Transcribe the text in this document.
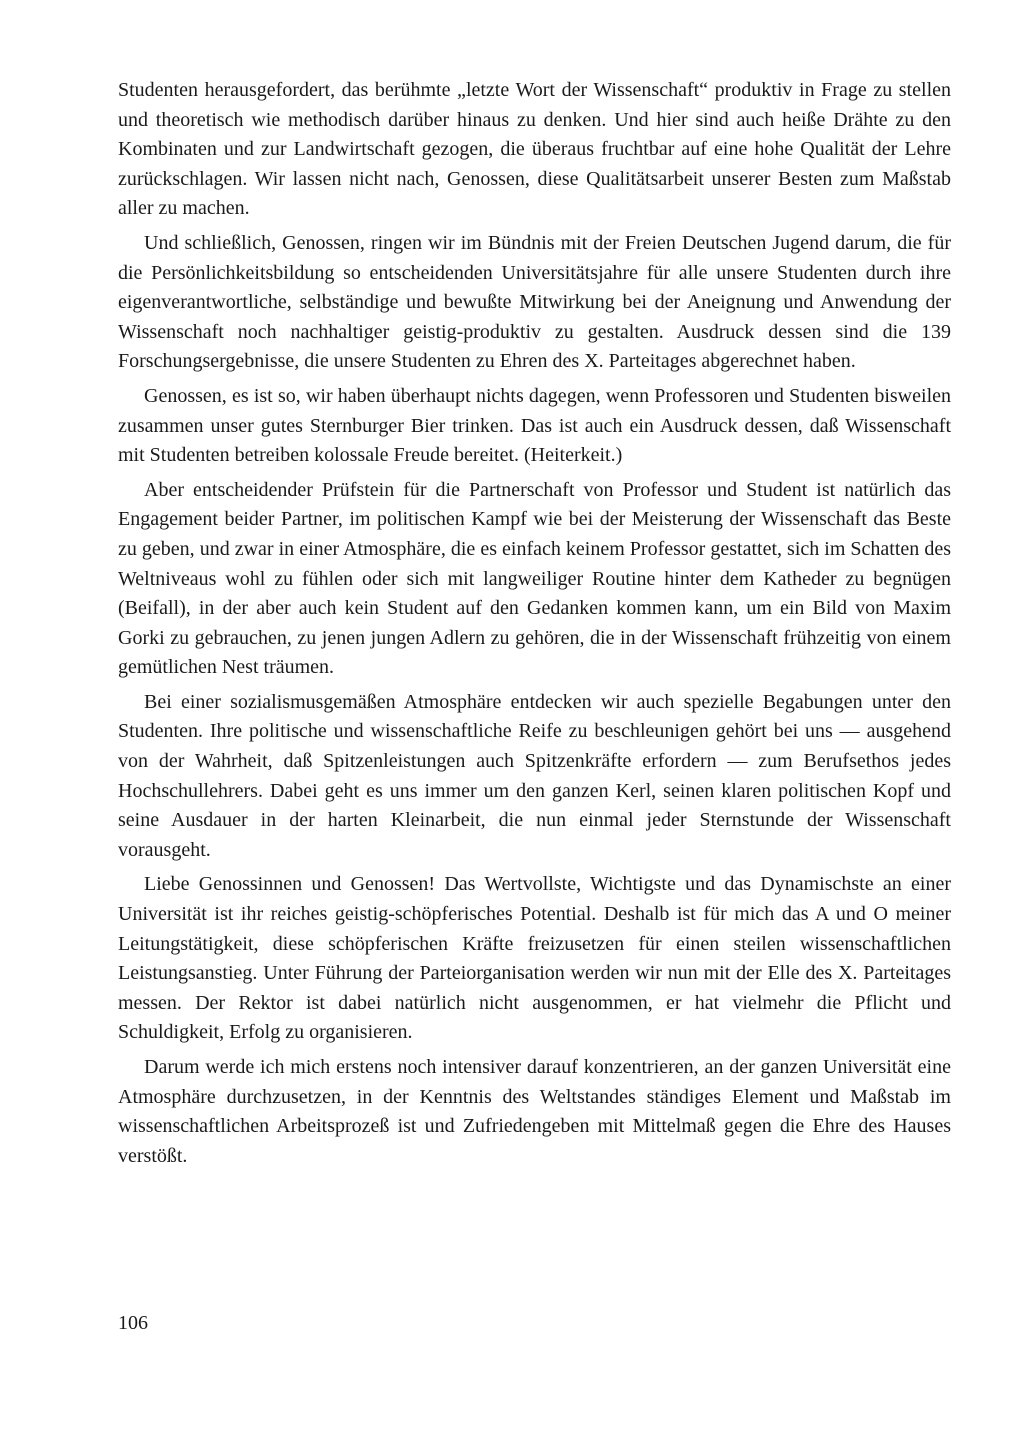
Studenten herausgefordert, das berühmte „letzte Wort der Wissenschaft“ produktiv in Frage zu stellen und theoretisch wie methodisch darüber hinaus zu denken. Und hier sind auch heiße Drähte zu den Kombinaten und zur Landwirtschaft gezogen, die überaus fruchtbar auf eine hohe Qualität der Lehre zurückschlagen. Wir lassen nicht nach, Genossen, diese Qualitätsarbeit unserer Besten zum Maßstab aller zu machen.

Und schließlich, Genossen, ringen wir im Bündnis mit der Freien Deutschen Jugend darum, die für die Persönlichkeitsbildung so entscheidenden Universitätsjahre für alle unsere Studenten durch ihre eigenverantwortliche, selbständige und bewußte Mitwirkung bei der Aneignung und Anwendung der Wissenschaft noch nachhaltiger geistig-produktiv zu gestalten. Ausdruck dessen sind die 139 Forschungsergebnisse, die unsere Studenten zu Ehren des X. Parteitages abgerechnet haben.

Genossen, es ist so, wir haben überhaupt nichts dagegen, wenn Professoren und Studenten bisweilen zusammen unser gutes Sternburger Bier trinken. Das ist auch ein Ausdruck dessen, daß Wissenschaft mit Studenten betreiben kolossale Freude bereitet. (Heiterkeit.)

Aber entscheidender Prüfstein für die Partnerschaft von Professor und Student ist natürlich das Engagement beider Partner, im politischen Kampf wie bei der Meisterung der Wissenschaft das Beste zu geben, und zwar in einer Atmosphäre, die es einfach keinem Professor gestattet, sich im Schatten des Weltniveaus wohl zu fühlen oder sich mit langweiliger Routine hinter dem Katheder zu begnügen (Beifall), in der aber auch kein Student auf den Gedanken kommen kann, um ein Bild von Maxim Gorki zu gebrauchen, zu jenen jungen Adlern zu gehören, die in der Wissenschaft frühzeitig von einem gemütlichen Nest träumen.

Bei einer sozialismusgemäßen Atmosphäre entdecken wir auch spezielle Begabungen unter den Studenten. Ihre politische und wissenschaftliche Reife zu beschleunigen gehört bei uns — ausgehend von der Wahrheit, daß Spitzenleistungen auch Spitzenkräfte erfordern — zum Berufsethos jedes Hochschullehrers. Dabei geht es uns immer um den ganzen Kerl, seinen klaren politischen Kopf und seine Ausdauer in der harten Kleinarbeit, die nun einmal jeder Sternstunde der Wissenschaft vorausgeht.

Liebe Genossinnen und Genossen! Das Wertvollste, Wichtigste und das Dynamischste an einer Universität ist ihr reiches geistig-schöpferisches Potential. Deshalb ist für mich das A und O meiner Leitungstätigkeit, diese schöpferischen Kräfte freizusetzen für einen steilen wissenschaftlichen Leistungsanstieg. Unter Führung der Parteiorganisation werden wir nun mit der Elle des X. Parteitages messen. Der Rektor ist dabei natürlich nicht ausgenommen, er hat vielmehr die Pflicht und Schuldigkeit, Erfolg zu organisieren.

Darum werde ich mich erstens noch intensiver darauf konzentrieren, an der ganzen Universität eine Atmosphäre durchzusetzen, in der Kenntnis des Weltstandes ständiges Element und Maßstab im wissenschaftlichen Arbeitsprozeß ist und Zufriedengeben mit Mittelmaß gegen die Ehre des Hauses verstößt.

106
